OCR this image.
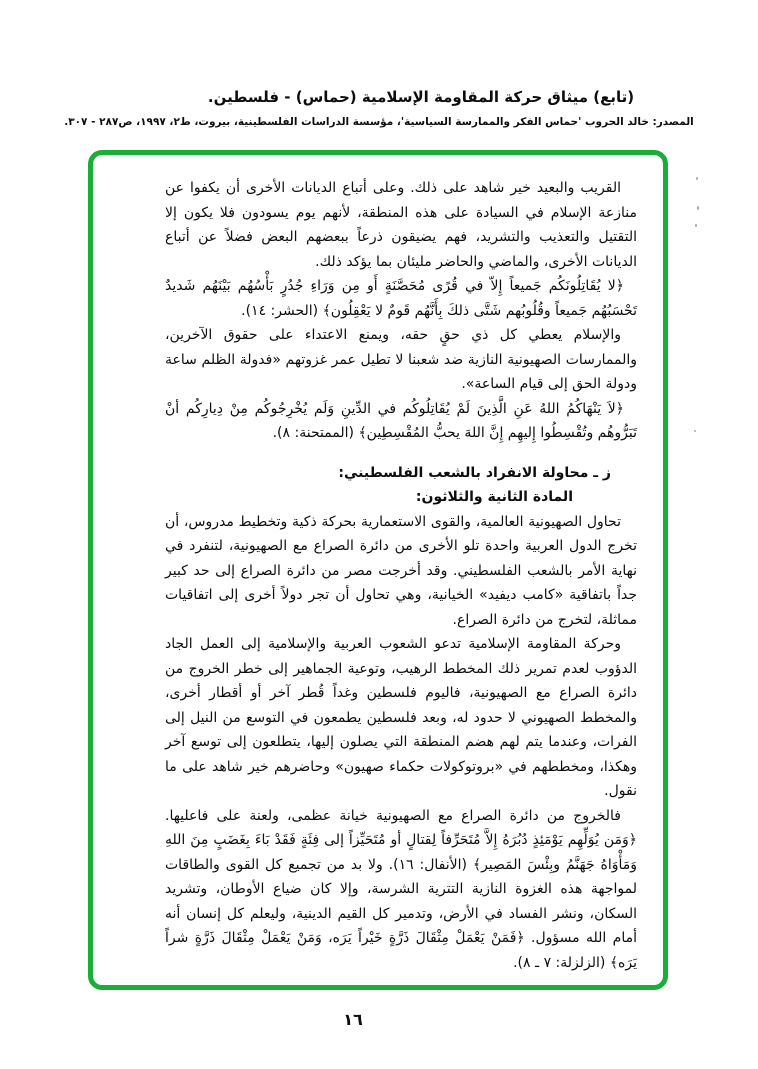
(تابع) ميثاق حركة المقاومة الإسلامية (حماس) - فلسطين.
المصدر: خالد الحروب 'حماس الفكر والممارسة السياسية'، مؤسسة الدراسات الفلسطينية، بيروت، ط٢، ١٩٩٧، ص٢٨٧ - ٣٠٧.

القريب والبعيد خير شاهد على ذلك. وعلى أتباع الديانات الأخرى أن يكفوا عن منازعة الإسلام في السيادة على هذه المنطقة، لأنهم يوم يسودون فلا يكون إلا التقتيل والتعذيب والتشريد، فهم يضيقون ذرعاً ببعضهم البعض فضلاً عن أتباع الديانات الأخرى، والماضي والحاضر مليئان بما يؤكد ذلك.

﴿لا يُقَاتِلُونَكُم جَميعاً إِلاّ في قُرًى مُحَصَّنَةٍ أَو مِن وَرَاءِ جُدُرٍ بَأْسُهُم بَيْنَهُم شَديدٌ تَحْسَبُهُم جَميعاً وقُلُوبُهم شَتَّى ذلكَ بِأَنَّهُم قَومٌ لا يَعْقِلُون﴾ (الحشر: ١٤).

والإسلام يعطي كل ذي حقٍ حقه، ويمنع الاعتداء على حقوق الآخرين، والممارسات الصهيونية النازية ضد شعبنا لا تطيل عمر غزوتهم «فدولة الظلم ساعة ودولة الحق إلى قيام الساعة».

﴿لاَ يَنْهَاكُمُ اللهُ عَنِ الَّذِينَ لَمْ يُقَاتِلُوكُم في الدِّينِ وَلَم يُخْرِجُوكُم مِنْ دِيارِكُم أنْ تَبَرُّوهُم وتُقْسِطُوا إِليهِم إِنَّ اللهَ يحبُّ المُقْسِطِين﴾ (الممتحنة: ٨).

ز ـ محاولة الانفراد بالشعب الفلسطيني:

المادة الثانية والثلاثون:

تحاول الصهيونية العالمية، والقوى الاستعمارية بحركة ذكية وتخطيط مدروس، أن تخرج الدول العربية واحدة تلو الأخرى من دائرة الصراع مع الصهيونية، لتنفرد في نهاية الأمر بالشعب الفلسطيني. وقد أخرجت مصر من دائرة الصراع إلى حد كبير جداً باتفاقية «كامب ديفيد» الخيانية، وهي تحاول أن تجر دولاً أخرى إلى اتفاقيات مماثلة، لتخرج من دائرة الصراع.

وحركة المقاومة الإسلامية تدعو الشعوب العربية والإسلامية إلى العمل الجاد الدؤوب لعدم تمرير ذلك المخطط الرهيب، وتوعية الجماهير إلى خطر الخروج من دائرة الصراع مع الصهيونية، فاليوم فلسطين وغداً قُطر آخر أو أقطار أخرى، والمخطط الصهيوني لا حدود له، وبعد فلسطين يطمعون في التوسع من النيل إلى الفرات، وعندما يتم لهم هضم المنطقة التي يصلون إليها، يتطلعون إلى توسع آخر وهكذا، ومخططهم في «بروتوكولات حكماء صهيون» وحاضرهم خير شاهد على ما نقول.

فالخروج من دائرة الصراع مع الصهيونية خيانة عظمى، ولعنة على فاعليها. ﴿وَمَن يُوَلِّهِم يَوْمَئِذٍ دُبُرَهُ إِلاَّ مُتَحَرِّفاً لِقتالٍ أو مُتَحَيِّزاً إلى فِئَةٍ فَقَدْ بَاءَ بِغَضَبٍ مِنَ اللهِ وَمَأْوَاهُ جَهَنَّمُ وبِئْسَ المَصِير﴾ (الأنفال: ١٦). ولا بد من تجميع كل القوى والطاقات لمواجهة هذه الغزوة النازية التترية الشرسة، وإلا كان ضياع الأوطان، وتشريد السكان، ونشر الفساد في الأرض، وتدمير كل القيم الدينية، وليعلم كل إنسان أنه أمام الله مسؤول. ﴿فَمَنْ يَعْمَلْ مِثْقَالَ ذَرَّةٍ خَيْراً يَرَه، وَمَنْ يَعْمَلْ مِثْقَالَ ذَرَّةٍ شراً يَرَه﴾ (الزلزلة: ٧ ـ ٨).

١٦
